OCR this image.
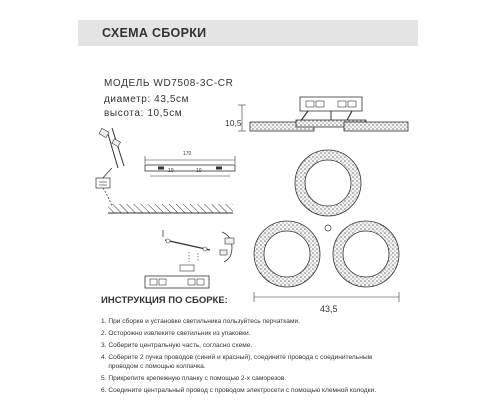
СХЕМА СБОРКИ
МОДЕЛЬ WD7508-3C-CR
диаметр: 43,5см
высота: 10,5см
10,5
43,5
170
10	10
ИНСТРУКЦИЯ ПО СБОРКЕ:
1. При сборке и установке светильника пользуйтесь перчатками.
2. Осторожно извлеките светильник из упаковки.
3. Соберите центральную часть, согласно схеме.
4. Соберите 2 пучка проводов (синий и красный), соедините провода с соединительным
проводом с помощью колпачка.
5. Прикрепите крепежную планку с помощью 2-х саморезов.
6. Соедините центральный провод с проводом электросети с помощью клемной колодки.
